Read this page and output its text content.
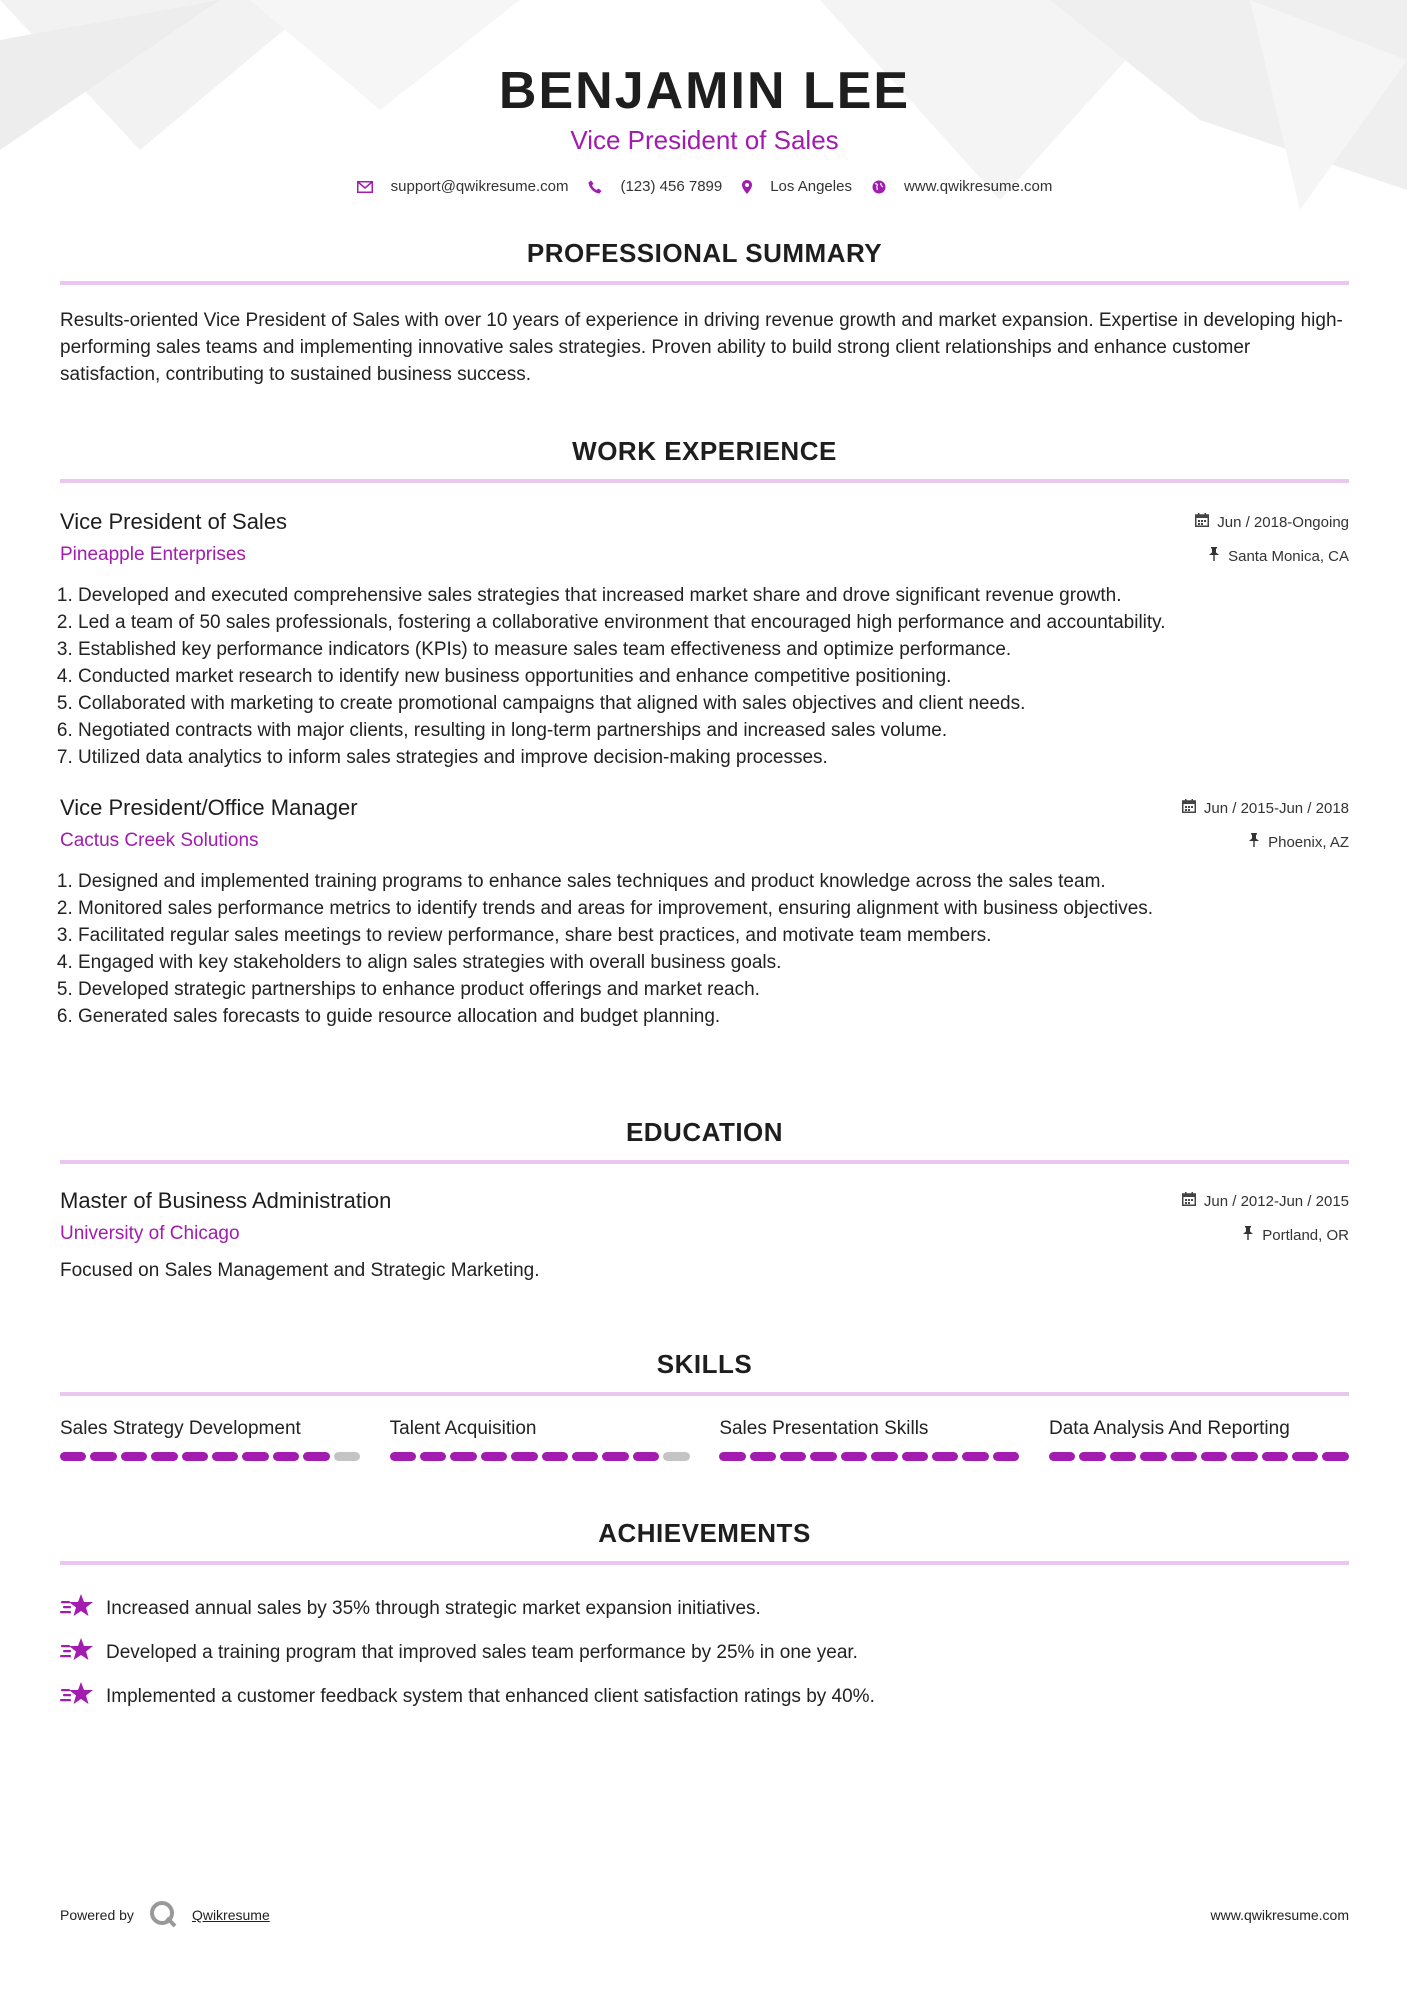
BENJAMIN LEE
Vice President of Sales
support@qwikresume.com	(123) 456 7899	Los Angeles	www.qwikresume.com
PROFESSIONAL SUMMARY

Results-oriented Vice President of Sales with over 10 years of experience in driving revenue growth and market expansion. Expertise in developing high-performing sales teams and implementing innovative sales strategies. Proven ability to build strong client relationships and enhance customer satisfaction, contributing to sustained business success.

WORK EXPERIENCE
Vice President of Sales
Pineapple Enterprises
Jun / 2018-Ongoing
Santa Monica, CA
1. Developed and executed comprehensive sales strategies that increased market share and drove significant revenue growth.
2. Led a team of 50 sales professionals, fostering a collaborative environment that encouraged high performance and accountability.
3. Established key performance indicators (KPIs) to measure sales team effectiveness and optimize performance.
4. Conducted market research to identify new business opportunities and enhance competitive positioning.
5. Collaborated with marketing to create promotional campaigns that aligned with sales objectives and client needs.
6. Negotiated contracts with major clients, resulting in long-term partnerships and increased sales volume.
7. Utilized data analytics to inform sales strategies and improve decision-making processes.
Vice President/Office Manager
Cactus Creek Solutions
Jun / 2015-Jun / 2018
Phoenix, AZ
1. Designed and implemented training programs to enhance sales techniques and product knowledge across the sales team.
2. Monitored sales performance metrics to identify trends and areas for improvement, ensuring alignment with business objectives.
3. Facilitated regular sales meetings to review performance, share best practices, and motivate team members.
4. Engaged with key stakeholders to align sales strategies with overall business goals.
5. Developed strategic partnerships to enhance product offerings and market reach.
6. Generated sales forecasts to guide resource allocation and budget planning.
EDUCATION
Master of Business Administration
University of Chicago
Jun / 2012-Jun / 2015
Portland, OR
Focused on Sales Management and Strategic Marketing.
SKILLS
Sales Strategy Development	Talent Acquisition	Sales Presentation Skills	Data Analysis And Reporting
ACHIEVEMENTS
Increased annual sales by 35% through strategic market expansion initiatives.
Developed a training program that improved sales team performance by 25% in one year.
Implemented a customer feedback system that enhanced client satisfaction ratings by 40%.
Powered by	Qwikresume	www.qwikresume.com
